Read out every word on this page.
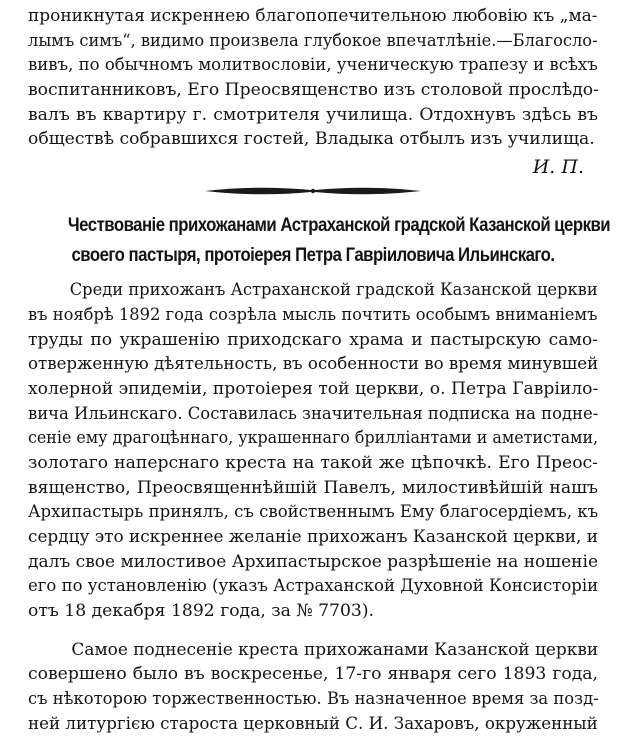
проникнутая искреннею благопопечительною любовію къ „ма-
лымъ симъ“, видимо произвела глубокое впечатлѣніе.—Благосло-
вивъ, по обычномъ молитвословіи, ученическую трапезу и всѣхъ
воспитанниковъ, Его Преосвященство изъ столовой прослѣдо-
валъ въ квартиру г. смотрителя училища. Отдохнувъ здѣсь въ
обществѣ собравшихся гостей, Владыка отбылъ изъ училища.
И. П.
Чествованіе прихожанами Астраханской градской Казанской церкви
своего пастыря, протоіерея Петра Гавріиловича Ильинскаго.
Среди прихожанъ Астраханской градской Казанской церкви
въ ноябрѣ 1892 года созрѣла мысль почтить особымъ вниманіемъ
труды по украшенію приходскаго храма и пастырскую само-
отверженную дѣятельность, въ особенности во время минувшей
холерной эпидеміи, протоіерея той церкви, о. Петра Гавріило-
вича Ильинскаго. Составилась значительная подписка на подне-
сеніе ему драгоцѣннаго, украшеннаго брилліантами и аметистами,
золотаго наперснаго креста на такой же цѣпочкѣ. Его Преос-
вященство, Преосвященнѣйшій Павелъ, милостивѣйшій нашъ
Архипастырь принялъ, съ свойственнымъ Ему благосердіемъ, къ
сердцу это искреннее желаніе прихожанъ Казанской церкви, и
далъ свое милостивое Архипастырское разрѣшеніе на ношеніе
его по установленію (указъ Астраханской Духовной Консисторіи
отъ 18 декабря 1892 года, за № 7703).
Самое поднесеніе креста прихожанами Казанской церкви
совершено было въ воскресенье, 17-го января сего 1893 года,
съ нѣкоторою торжественностью. Въ назначенное время за позд-
ней литургією староста церковный С. И. Захаровъ, окруженный
